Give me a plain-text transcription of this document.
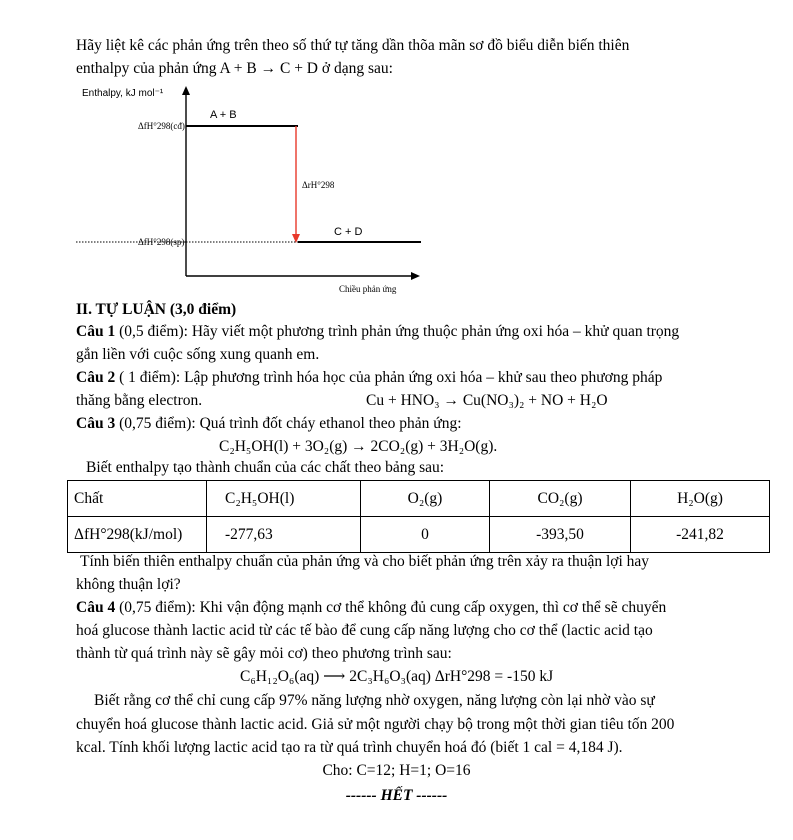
Hãy liệt kê các phản ứng trên theo số thứ tự tăng dần thõa mãn sơ đồ biểu diễn biến thiên
enthalpy của phản ứng A + B → C + D ở dạng sau:
Enthalpy, kJ mol⁻¹
ΔfH°298(cđ)
A + B
ΔrH°298
ΔfH°298(sp)
C + D
Chiều phản ứng
II. TỰ LUẬN (3,0 điểm)
Câu 1 (0,5 điểm): Hãy viết một phương trình phản ứng thuộc phản ứng oxi hóa – khử quan trọng
gắn liền với cuộc sống xung quanh em.
Câu 2 ( 1 điểm): Lập phương trình hóa học của phản ứng oxi hóa – khử sau theo phương pháp
thăng bằng electron.	Cu + HNO₃ → Cu(NO₃)₂ + NO + H₂O
Câu 3 (0,75 điểm): Quá trình đốt cháy ethanol theo phản ứng:
C₂H₅OH(l) + 3O₂(g) → 2CO₂(g) + 3H₂O(g).
Biết enthalpy tạo thành chuẩn của các chất theo bảng sau:
Chất	C₂H₅OH(l)	O₂(g)	CO₂(g)	H₂O(g)
ΔfH°298(kJ/mol)	-277,63	0	-393,50	-241,82
Tính biến thiên enthalpy chuẩn của phản ứng và cho biết phản ứng trên xảy ra thuận lợi hay
không thuận lợi?
Câu 4 (0,75 điểm): Khi vận động mạnh cơ thể không đủ cung cấp oxygen, thì cơ thể sẽ chuyển
hoá glucose thành lactic acid từ các tế bào để cung cấp năng lượng cho cơ thể (lactic acid tạo
thành từ quá trình này sẽ gây mỏi cơ) theo phương trình sau:
C₆H₁₂O₆(aq) ⟶ 2C₃H₆O₃(aq) ΔrH°298 = -150 kJ
Biết rằng cơ thể chỉ cung cấp 97% năng lượng nhờ oxygen, năng lượng còn lại nhờ vào sự
chuyển hoá glucose thành lactic acid. Giả sử một người chạy bộ trong một thời gian tiêu tốn 200
kcal. Tính khối lượng lactic acid tạo ra từ quá trình chuyển hoá đó (biết 1 cal = 4,184 J).
Cho: C=12; H=1; O=16
------ HẾT ------
